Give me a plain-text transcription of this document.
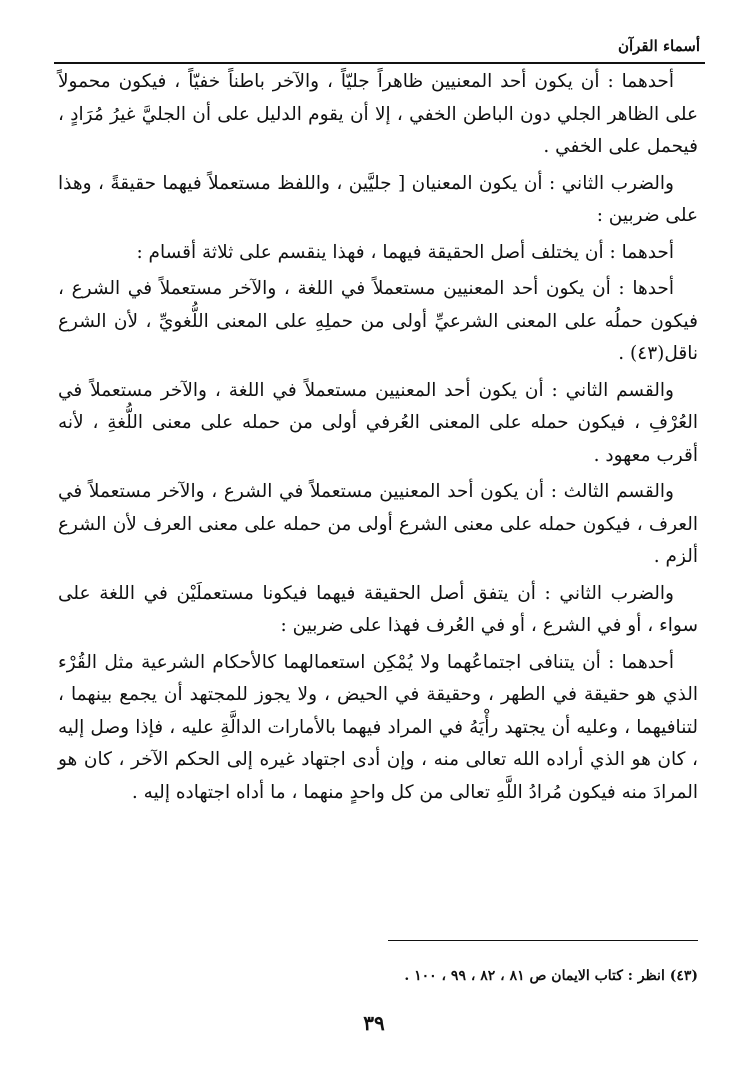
أسماء القرآن

أحدهما : أن يكون أحد المعنيين ظاهراً جليّاً ، والآخر باطناً خفيّاً ، فيكون محمولاً على الظاهر الجلي دون الباطن الخفي ، إلا أن يقوم الدليل على أن الجليَّ غيرُ مُرَادٍ ، فيحمل على الخفي .

والضرب الثاني : أن يكون المعنيان [ جليَّين ، واللفظ مستعملاً فيهما حقيقةً ، وهذا على ضربين :

أحدهما : أن يختلف أصل الحقيقة فيهما ، فهذا ينقسم على ثلاثة أقسام :

أحدها : أن يكون أحد المعنيين مستعملاً في اللغة ، والآخر مستعملاً في الشرع ، فيكون حملُه على المعنى الشرعيِّ أولى من حملِهِ على المعنى اللُّغويِّ ، لأن الشرع ناقل(٤٣) .

والقسم الثاني : أن يكون أحد المعنيين مستعملاً في اللغة ، والآخر مستعملاً في العُرْفِ ، فيكون حمله على المعنى العُرفي أولى من حمله على معنى اللُّغةِ ، لأنه أقرب معهود .

والقسم الثالث : أن يكون أحد المعنيين مستعملاً في الشرع ، والآخر مستعملاً في العرف ، فيكون حمله على معنى الشرع أولى من حمله على معنى العرف لأن الشرع ألزم .

والضرب الثاني : أن يتفق أصل الحقيقة فيهما فيكونا مستعملَيْن في اللغة على سواء ، أو في الشرع ، أو في العُرف فهذا على ضربين :

أحدهما : أن يتنافى اجتماعُهما ولا يُمْكِن استعمالهما كالأحكام الشرعية مثل القُرْء الذي هو حقيقة في الطهر ، وحقيقة في الحيض ، ولا يجوز للمجتهد أن يجمع بينهما ، لتنافيهما ، وعليه أن يجتهد رأْيَهُ في المراد فيهما بالأمارات الدالَّةِ عليه ، فإذا وصل إليه ، كان هو الذي أراده الله تعالى منه ، وإن أدى اجتهاد غيره إلى الحكم الآخر ، كان هو المرادَ منه فيكون مُرادُ اللَّهِ تعالى من كل واحدٍ منهما ، ما أداه اجتهاده إليه .

(٤٣) انظر : كتاب الايمان ص ٨١ ، ٨٢ ، ٩٩ ، ١٠٠ .
٣٩
